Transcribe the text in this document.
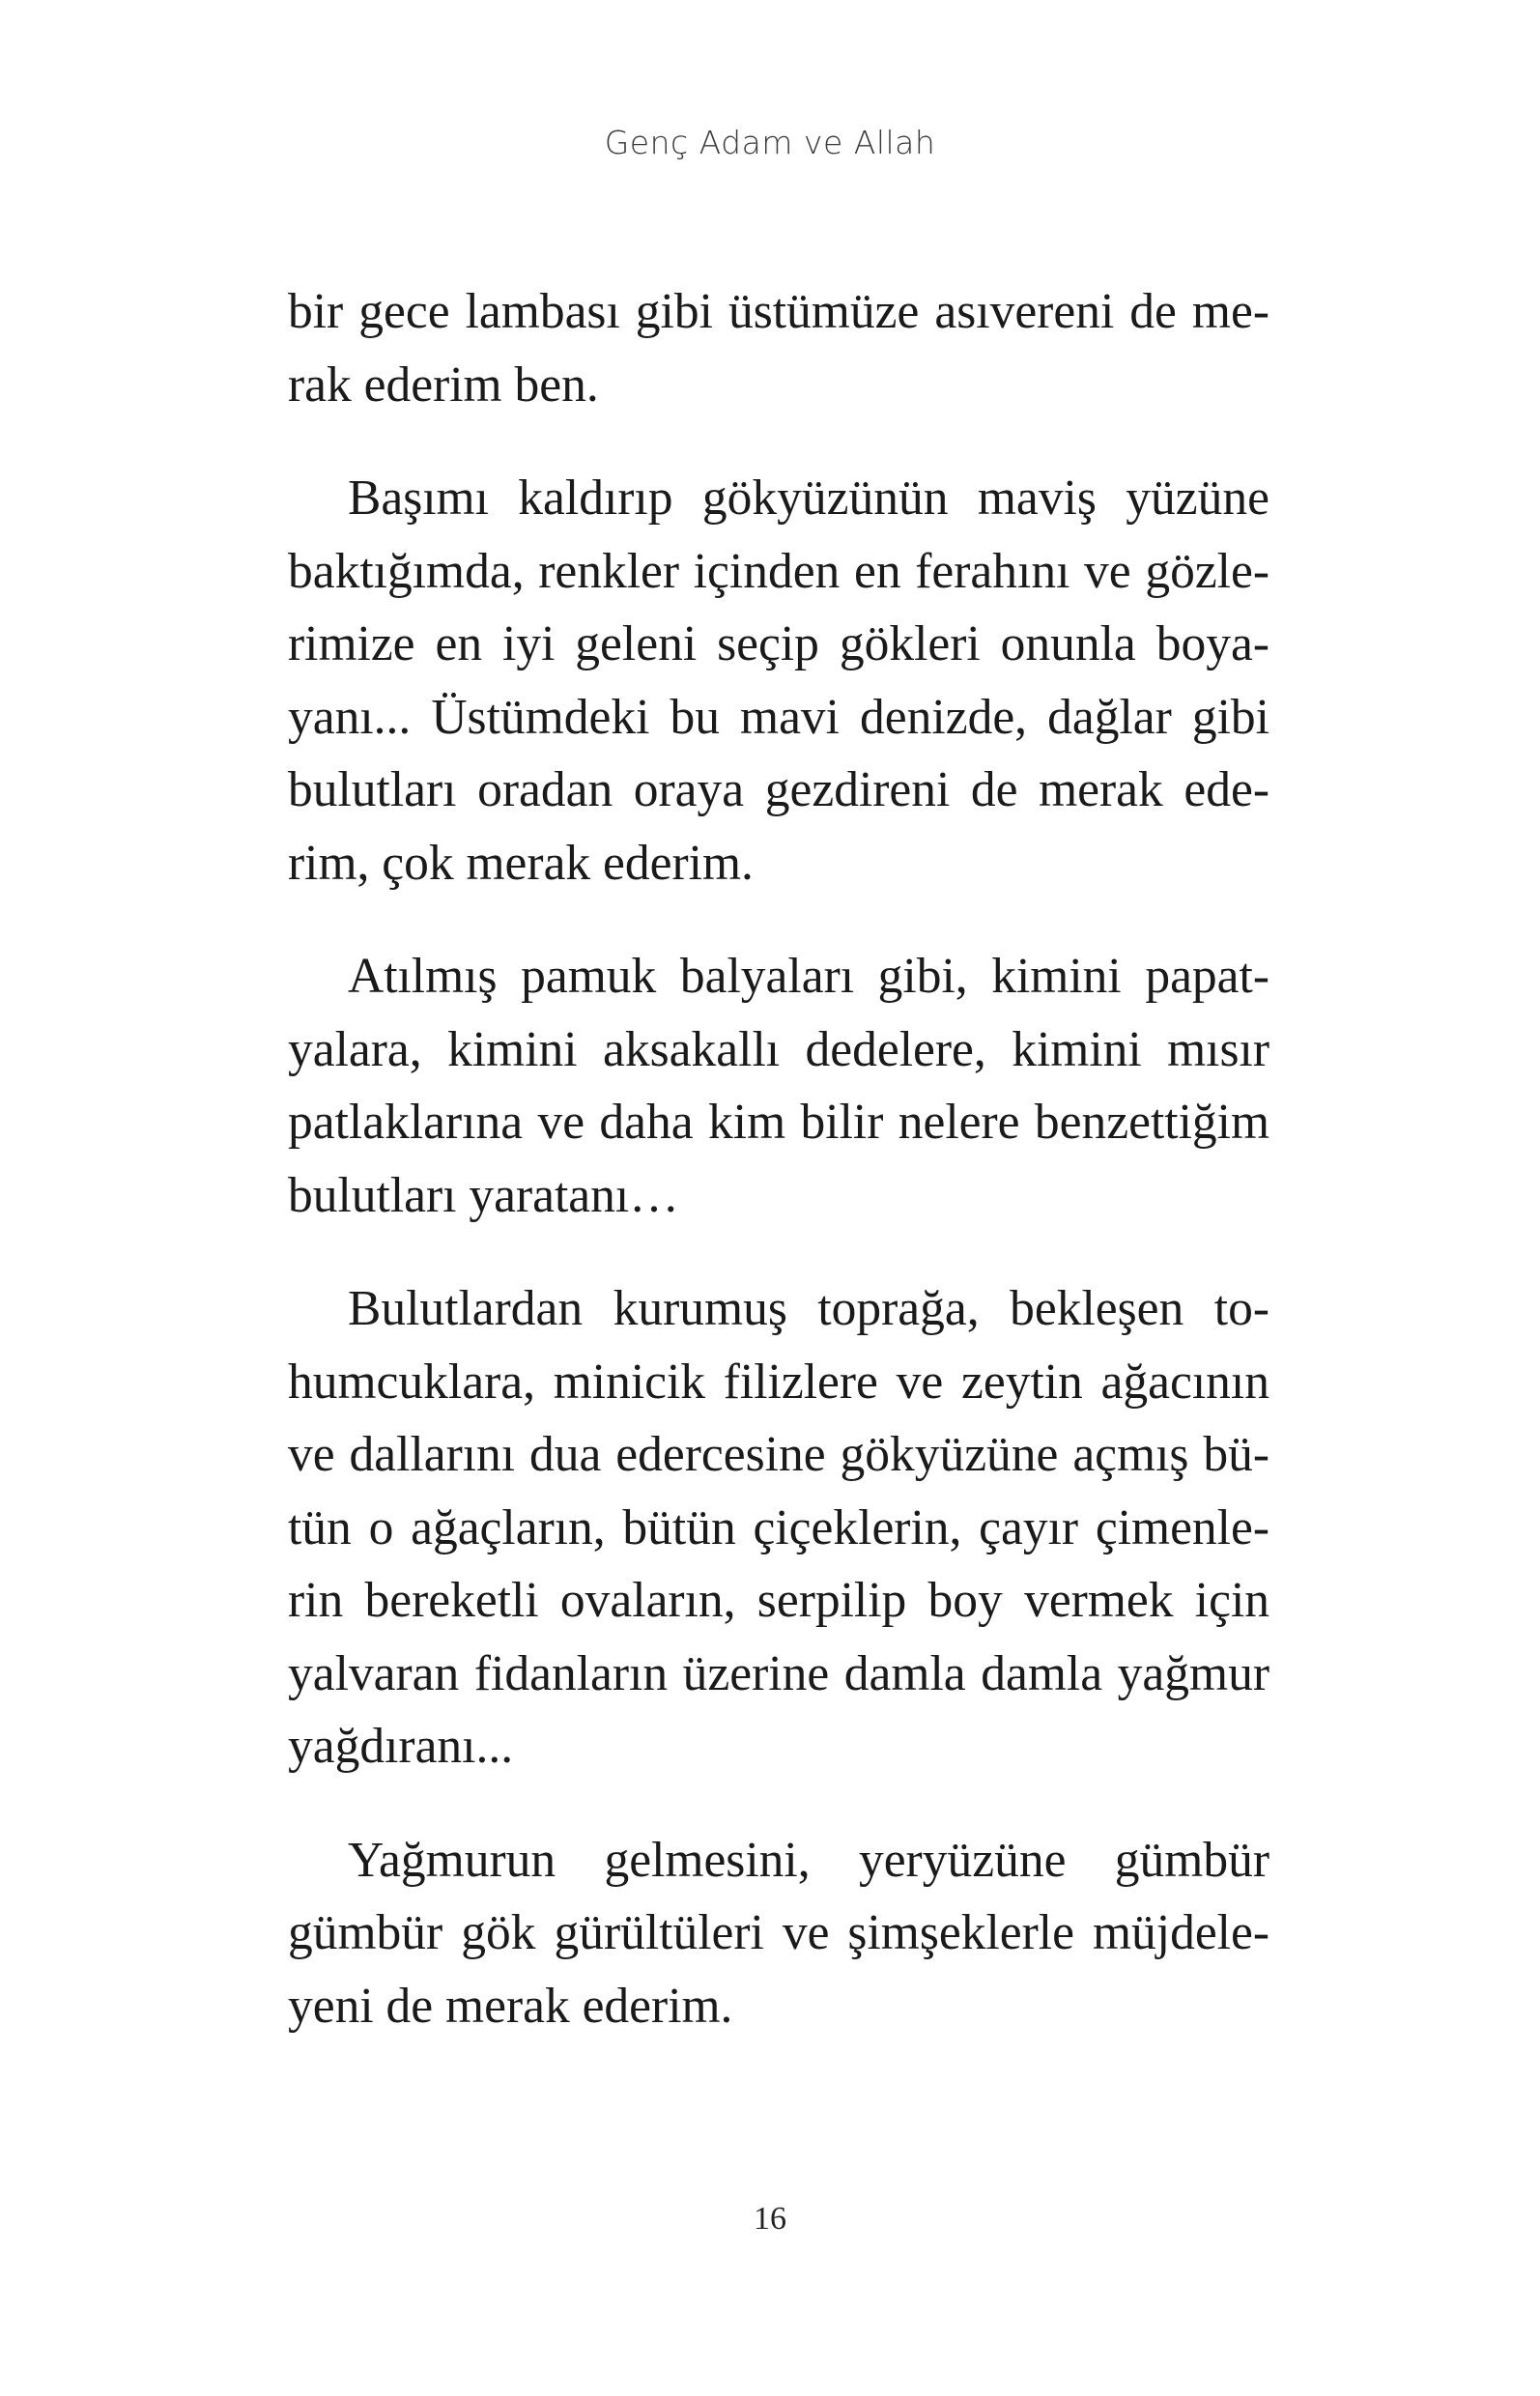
Genç Adam ve Allah

bir gece lambası gibi üstümüze asıvereni de merak ederim ben.

Başımı kaldırıp gökyüzünün maviş yüzüne baktığımda, renkler içinden en ferahını ve gözlerimize en iyi geleni seçip gökleri onunla boyayanı... Üstümdeki bu mavi denizde, dağlar gibi bulutları oradan oraya gezdireni de merak ederim, çok merak ederim.

Atılmış pamuk balyaları gibi, kimini papatyalara, kimini aksakallı dedelere, kimini mısır patlaklarına ve daha kim bilir nelere benzettiğim bulutları yaratanı…

Bulutlardan kurumuş toprağa, bekleşen tohumcuklara, minicik filizlere ve zeytin ağacının ve dallarını dua edercesine gökyüzüne açmış bütün o ağaçların, bütün çiçeklerin, çayır çimenlerin bereketli ovaların, serpilip boy vermek için yalvaran fidanların üzerine damla damla yağmur yağdıranı...

Yağmurun gelmesini, yeryüzüne gümbür gümbür gök gürültüleri ve şimşeklerle müjdeleyeni de merak ederim.

16
